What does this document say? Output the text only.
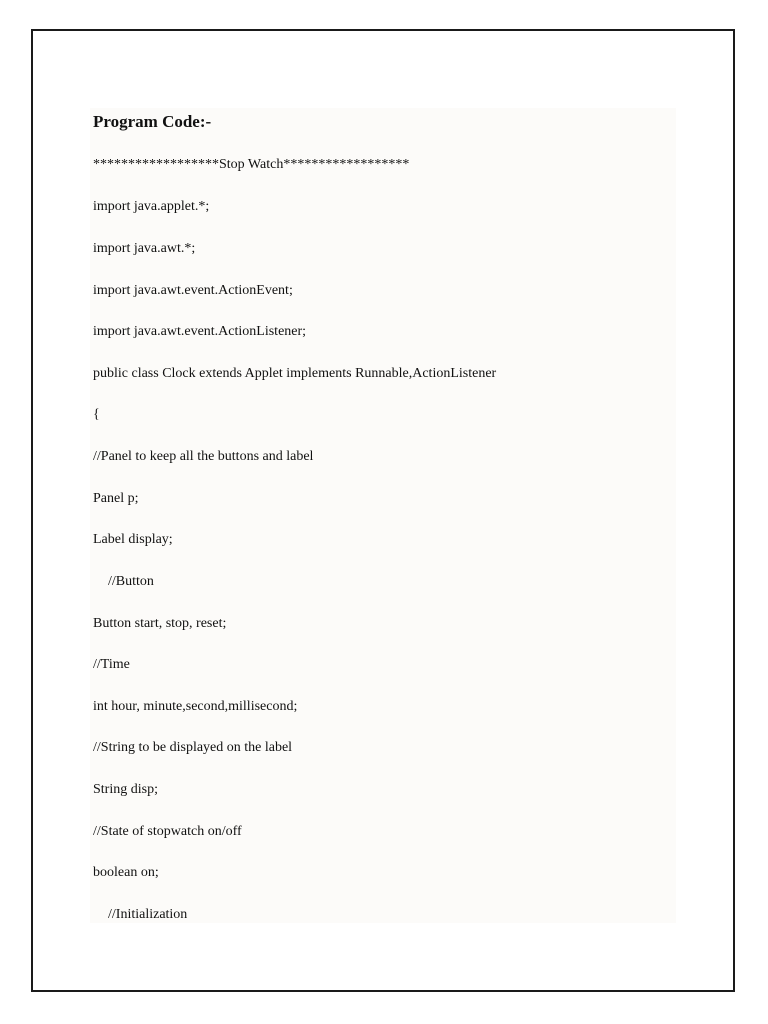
Program Code:-
******************Stop Watch******************
import java.applet.*;
import java.awt.*;
import java.awt.event.ActionEvent;
import java.awt.event.ActionListener;
public class Clock extends Applet implements Runnable,ActionListener
{
//Panel to keep all the buttons and label
Panel p;
Label display;
//Button
Button start, stop, reset;
//Time
int hour, minute,second,millisecond;
//String to be displayed on the label
String disp;
//State of stopwatch on/off
boolean on;
//Initialization
